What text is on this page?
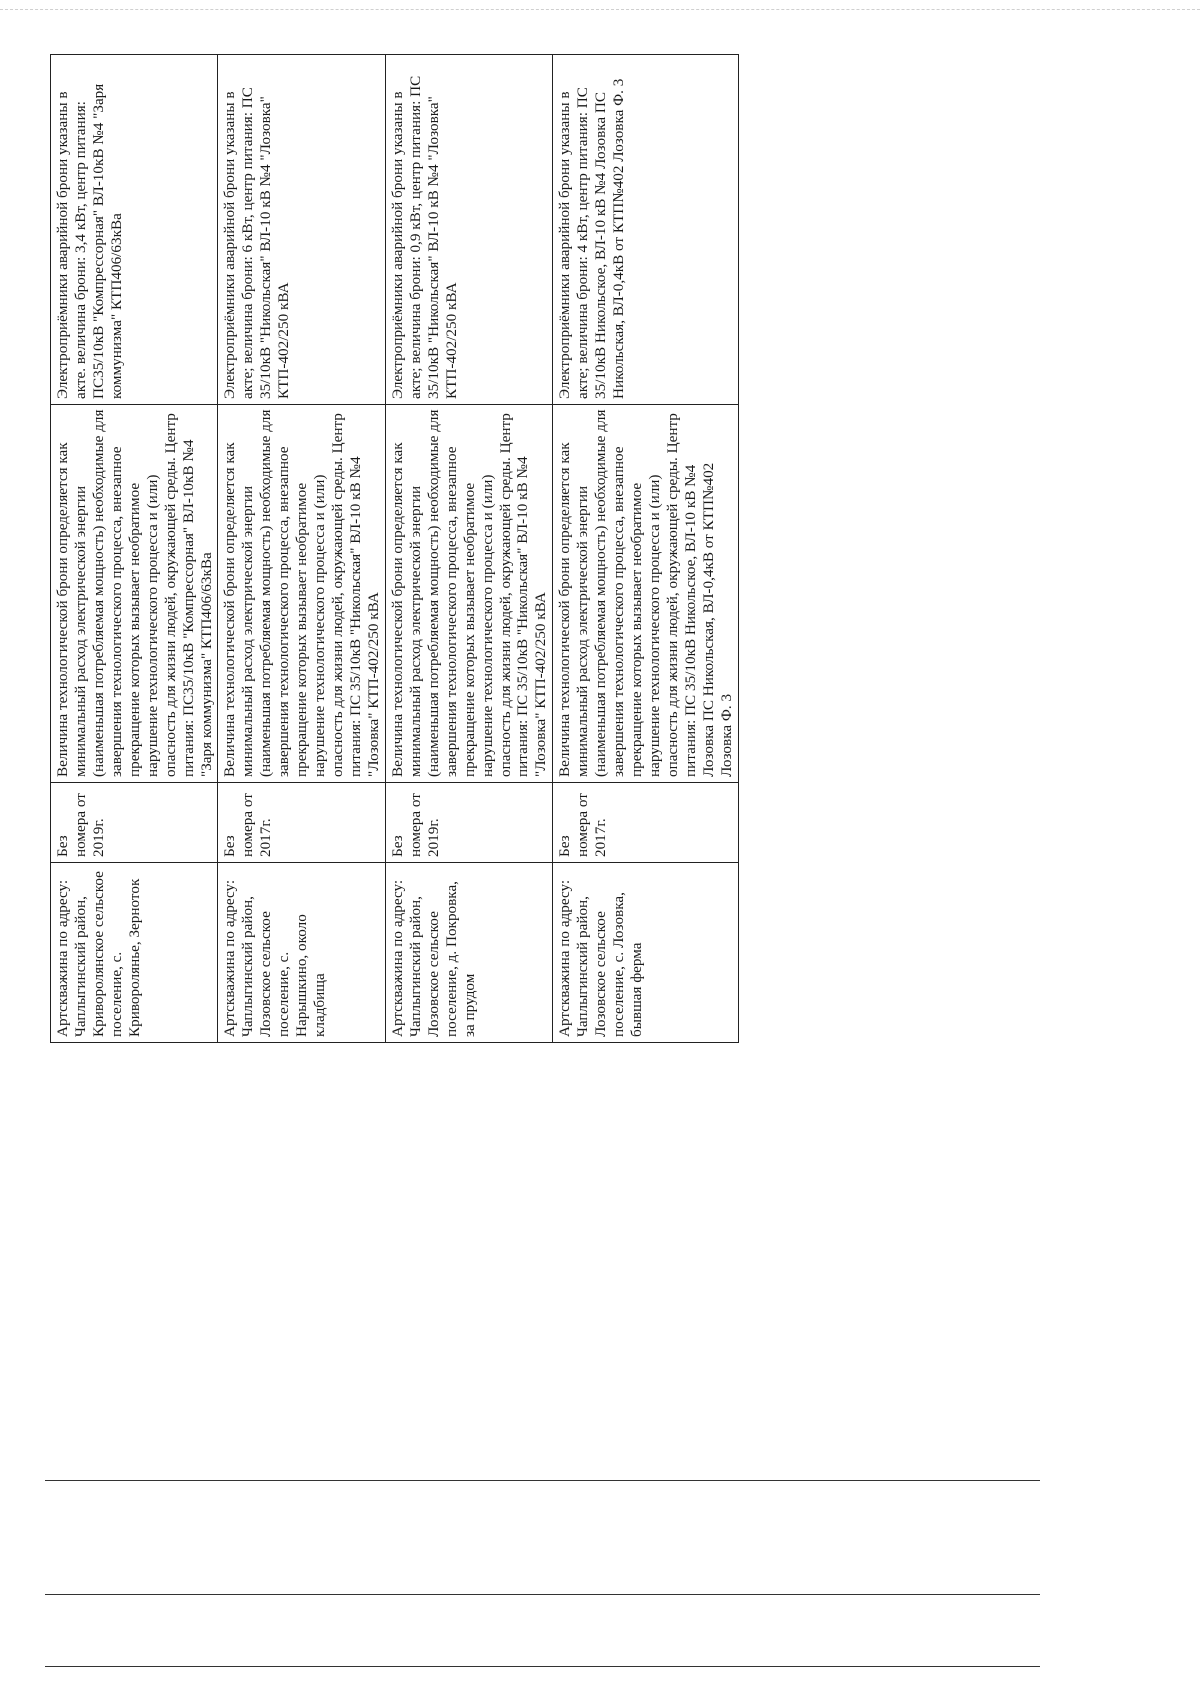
Артскважина по адресу: Чаплыгинский район, Криворолянское сельское поселение, с. Криворолянье, Зерноток	Без номера от 2019г.	Величина технологической брони определяется как минимальный расход электрической энергии (наименьшая потребляемая мощность) необходимые для завершения технологического процесса, внезапное прекращение которых вызывает необратимое нарушение технологического процесса и (или) опасность для жизни людей, окружающей среды. Центр питания: ПС35/10кВ "Компрессорная" ВЛ-10кВ №4 "Заря коммунизма" КТП406/63кВа	Электроприёмники аварийной брони указаны в акте. величина брони: 3,4 кВт, центр питания: ПС35/10кВ "Компрессорная" ВЛ-10кВ №4 "Заря коммунизма" КТП406/63кВа
Артскважина по адресу: Чаплыгинский район, Лозовское сельское поселение, с. Нарышкино, около кладбища	Без номера от 2017г.	Величина технологической брони определяется как минимальный расход электрической энергии (наименьшая потребляемая мощность) необходимые для завершения технологического процесса, внезапное прекращение которых вызывает необратимое нарушение технологического процесса и (или) опасность для жизни людей, окружающей среды. Центр питания: ПС 35/10кВ "Никольская" ВЛ-10 кВ №4 "Лозовка" КТП-402/250 кВА	Электроприёмники аварийной брони указаны в акте; величина брони: 6 кВт, центр питания: ПС 35/10кВ "Никольская" ВЛ-10 кВ №4 "Лозовка" КТП-402/250 кВА
Артскважина по адресу: Чаплыгинский район, Лозовское сельское поселение, д. Покровка, за прудом	Без номера от 2019г.	Величина технологической брони определяется как минимальный расход электрической энергии (наименьшая потребляемая мощность) необходимые для завершения технологического процесса, внезапное прекращение которых вызывает необратимое нарушение технологического процесса и (или) опасность для жизни людей, окружающей среды. Центр питания: ПС 35/10кВ "Никольская" ВЛ-10 кВ №4 "Лозовка" КТП-402/250 кВА	Электроприёмники аварийной брони указаны в акте; величина брони: 0,9 кВт, центр питания: ПС 35/10кВ "Никольская" ВЛ-10 кВ №4 "Лозовка" КТП-402/250 кВА
Артскважина по адресу: Чаплыгинский район, Лозовское сельское поселение, с. Лозовка, бывшая ферма	Без номера от 2017г.	Величина технологической брони определяется как минимальный расход электрической энергии (наименьшая потребляемая мощность) необходимые для завершения технологического процесса, внезапное прекращение которых вызывает необратимое нарушение технологического процесса и (или) опасность для жизни людей, окружающей среды. Центр питания: ПС 35/10кВ Никольское, ВЛ-10 кВ №4 Лозовка ПС Никольская, ВЛ-0,4кВ от КТП№402 Лозовка Ф. 3	Электроприёмники аварийной брони указаны в акте; величина брони: 4 кВт, центр питания: ПС 35/10кВ Никольское, ВЛ-10 кВ №4 Лозовка ПС Никольская, ВЛ-0,4кВ от КТП№402 Лозовка Ф. 3
